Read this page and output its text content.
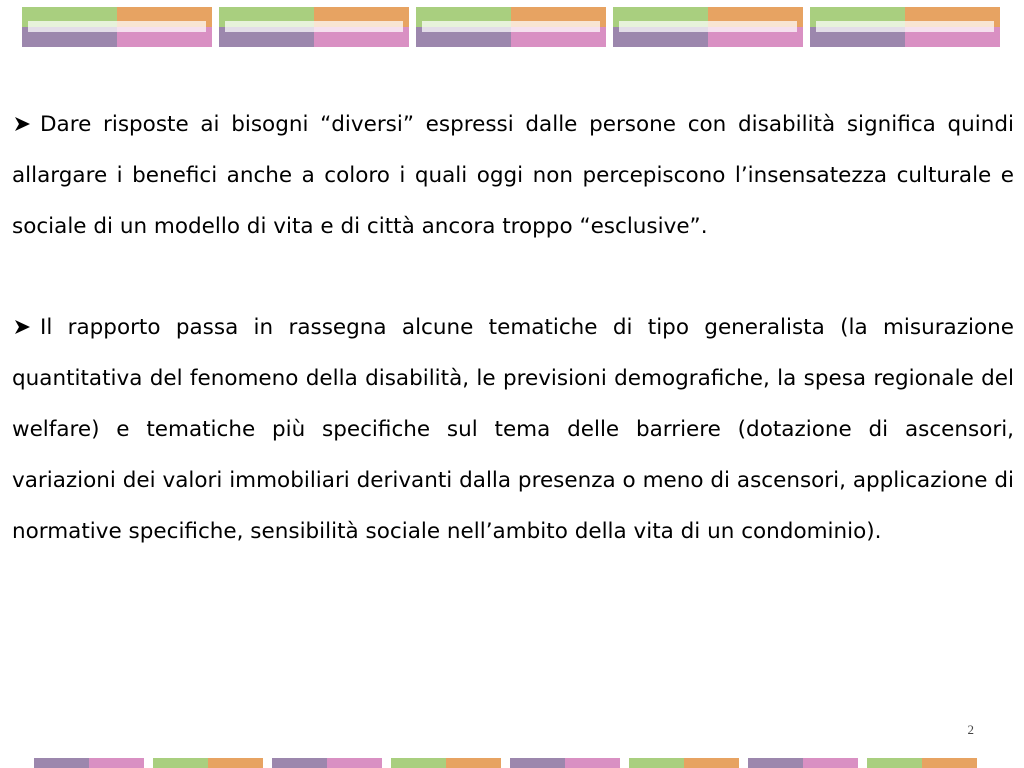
Dare risposte ai bisogni “diversi” espressi dalle persone con disabilità significa quindi allargare i benefici anche a coloro i quali oggi non percepiscono l’insensatezza culturale e sociale di un modello di vita e di città ancora troppo “esclusive”.

Il rapporto passa in rassegna alcune tematiche di tipo generalista (la misurazione quantitativa del fenomeno della disabilità, le previsioni demografiche, la spesa regionale del welfare) e tematiche più specifiche sul tema delle barriere (dotazione di ascensori, variazioni dei valori immobiliari derivanti dalla presenza o meno di ascensori, applicazione di normative specifiche, sensibilità sociale nell’ambito della vita di un condominio).

2
